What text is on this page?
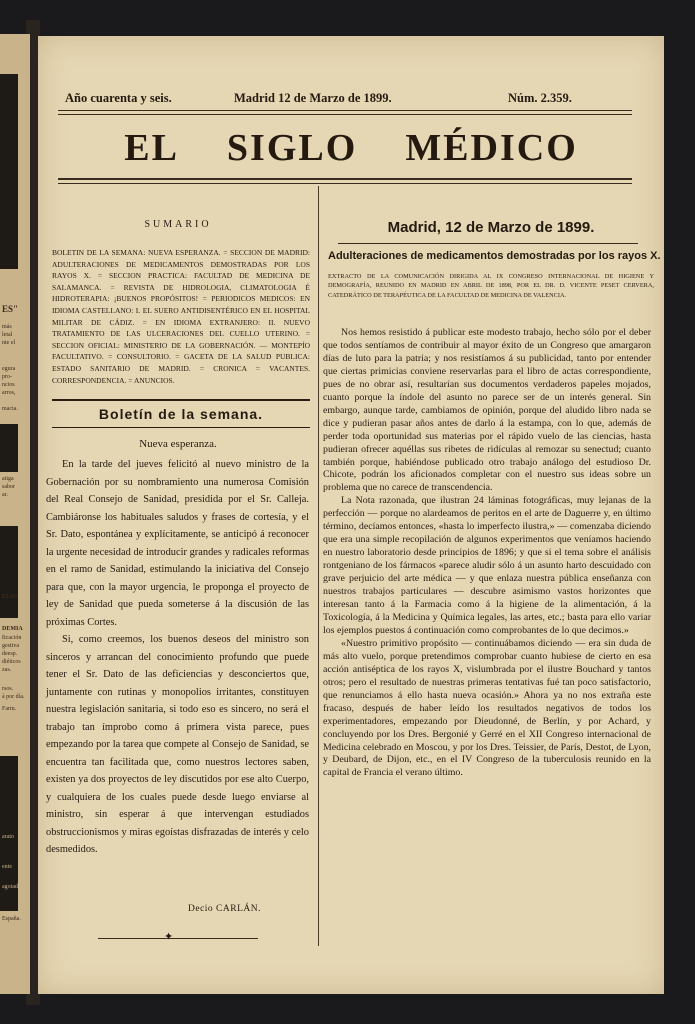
ES"
más
letal
nte el
egura
pro-
ncios
arros,
macia.
atiga
sabor
ar.
ELAS
DEMIA
ficación
gestiva
deesp.
diéticos
zas.
rsos.
á por día.
Farm.
arato
ente
agotados.
España.
Año cuarenta y seis.	Madrid 12 de Marzo de 1899.	Núm. 2.359.
EL SIGLO MÉDICO
SUMARIO
BOLETIN DE LA SEMANA: NUEVA ESPERANZA. = SECCION DE MADRID: ADULTERACIONES DE MEDICAMENTOS DEMOSTRADAS POR LOS RAYOS X. = SECCION PRACTICA: FACULTAD DE MEDICINA DE SALAMANCA. = REVISTA DE HIDROLOGIA, CLIMATOLOGIA É HIDROTERAPIA: ¡BUENOS PROPÓSITOS! = PERIODICOS MEDICOS: EN IDIOMA CASTELLANO: I. EL SUERO ANTIDISENTÉRICO EN EL HOSPITAL MILITAR DE CÁDIZ. = EN IDIOMA EXTRANJERO: II. NUEVO TRATAMIENTO DE LAS ULCERACIONES DEL CUELLO UTERINO. = SECCION OFICIAL: MINISTERIO DE LA GOBERNACIÓN. — MONTEPÍO FACULTATIVO. = CONSULTORIO. = GACETA DE LA SALUD PUBLICA: ESTADO SANITARIO DE MADRID. = CRONICA = VACANTES. CORRESPONDENCIA. = ANUNCIOS.
Boletín de la semana.
Nueva esperanza.

En la tarde del jueves felicitó al nuevo ministro de la Gobernación por su nombramiento una numerosa Comisión del Real Consejo de Sanidad, presidida por el Sr. Calleja. Cambiáronse los habituales saludos y frases de cortesía, y el Sr. Dato, espontánea y explícitamente, se anticipó á reconocer la urgente necesidad de introducir grandes y radicales reformas en el ramo de Sanidad, estimulando la iniciativa del Consejo para que, con la mayor urgencia, le proponga el proyecto de ley de Sanidad que pueda someterse á la discusión de las próximas Cortes.

Si, como creemos, los buenos deseos del ministro son sinceros y arrancan del conocimiento profundo que puede tener el Sr. Dato de las deficiencias y desconciertos que, juntamente con rutinas y monopolios irritantes, constituyen nuestra legislación sanitaria, si todo eso es sincero, no será el trabajo tan ímprobo como á primera vista parece, pues empezando por la tarea que compete al Consejo de Sanidad, se encuentra tan facilitada que, como nuestros lectores saben, existen ya dos proyectos de ley discutidos por ese alto Cuerpo, y cualquiera de los cuales puede desde luego enviarse al ministro, sin esperar á que intervengan estudiados obstruccionismos y miras egoístas disfrazadas de interés y celo desmedidos.

Decio CARLÁN.
✦
Madrid, 12 de Marzo de 1899.
Adulteraciones de medicamentos demostradas por los rayos X.
EXTRACTO DE LA COMUNICACIÓN DIRIGIDA AL IX CONGRESO INTERNACIONAL DE HIGIENE Y DEMOGRAFÍA, REUNIDO EN MADRID EN ABRIL DE 1898, POR EL DR. D. VICENTE PESET CERVERA, CATEDRÁTICO DE TERAPÉUTICA DE LA FACULTAD DE MEDICINA DE VALENCIA.

Nos hemos resistido á publicar este modesto trabajo, hecho sólo por el deber que todos sentíamos de contribuir al mayor éxito de un Congreso que amargaron días de luto para la patria; y nos resistíamos á su publicidad, tanto por entender que ciertas primicias conviene reservarlas para el libro de actas correspondiente, pues de no obrar así, resultarían sus documentos verdaderos papeles mojados, cuanto porque la índole del asunto no parece ser de un interés general. Sin embargo, aunque tarde, cambiamos de opinión, porque del aludido libro nada se dice y pudieran pasar años antes de darlo á la estampa, con lo que, además de perder toda oportunidad sus materias por el rápido vuelo de las ciencias, hasta pudieran ofrecer aquéllas sus ribetes de ridículas al remozar su senectud; cuanto también porque, habiéndose publicado otro trabajo análogo del estudioso Dr. Chicote, podrán los aficionados completar con el nuestro sus ideas sobre un problema que no carece de transcendencia.

La Nota razonada, que ilustran 24 láminas fotográficas, muy lejanas de la perfección — porque no alardeamos de peritos en el arte de Daguerre y, en último término, decíamos entonces, «hasta lo imperfecto ilustra,» — comenzaba diciendo que era una simple recopilación de algunos experimentos que veníamos haciendo en nuestro laboratorio desde principios de 1896; y que si el tema sobre el análisis rontgeniano de los fármacos «parece aludir sólo á un asunto harto descuidado con grave perjuicio del arte médica — y que enlaza nuestra pública enseñanza con nuestros trabajos particulares — descubre asimismo vastos horizontes que interesan tanto á la Farmacia como á la higiene de la alimentación, á la Toxicología, á la Medicina y Química legales, las artes, etc.; basta para ello variar los ejemplos puestos á continuación como comprobantes de lo que decimos.»

«Nuestro primitivo propósito — continuábamos diciendo — era sin duda de más alto vuelo, porque pretendimos comprobar cuanto hubiese de cierto en esa acción antiséptica de los rayos X, vislumbrada por el ilustre Bouchard y tantos otros; pero el resultado de nuestras primeras tentativas fué tan poco satisfactorio, que renunciamos á ello hasta nueva ocasión.» Ahora ya no nos extraña este fracaso, después de haber leído los resultados negativos de todos los experimentadores, empezando por Dieudonné, de Berlín, y por Achard, y concluyendo por los Dres. Bergonié y Gerré en el XII Congreso internacional de Medicina celebrado en Moscou, y por los Dres. Teissier, de París, Destot, de Lyon, y Deubard, de Dijon, etc., en el IV Congreso de la tuberculosis reunido en la capital de Francia el verano último.
